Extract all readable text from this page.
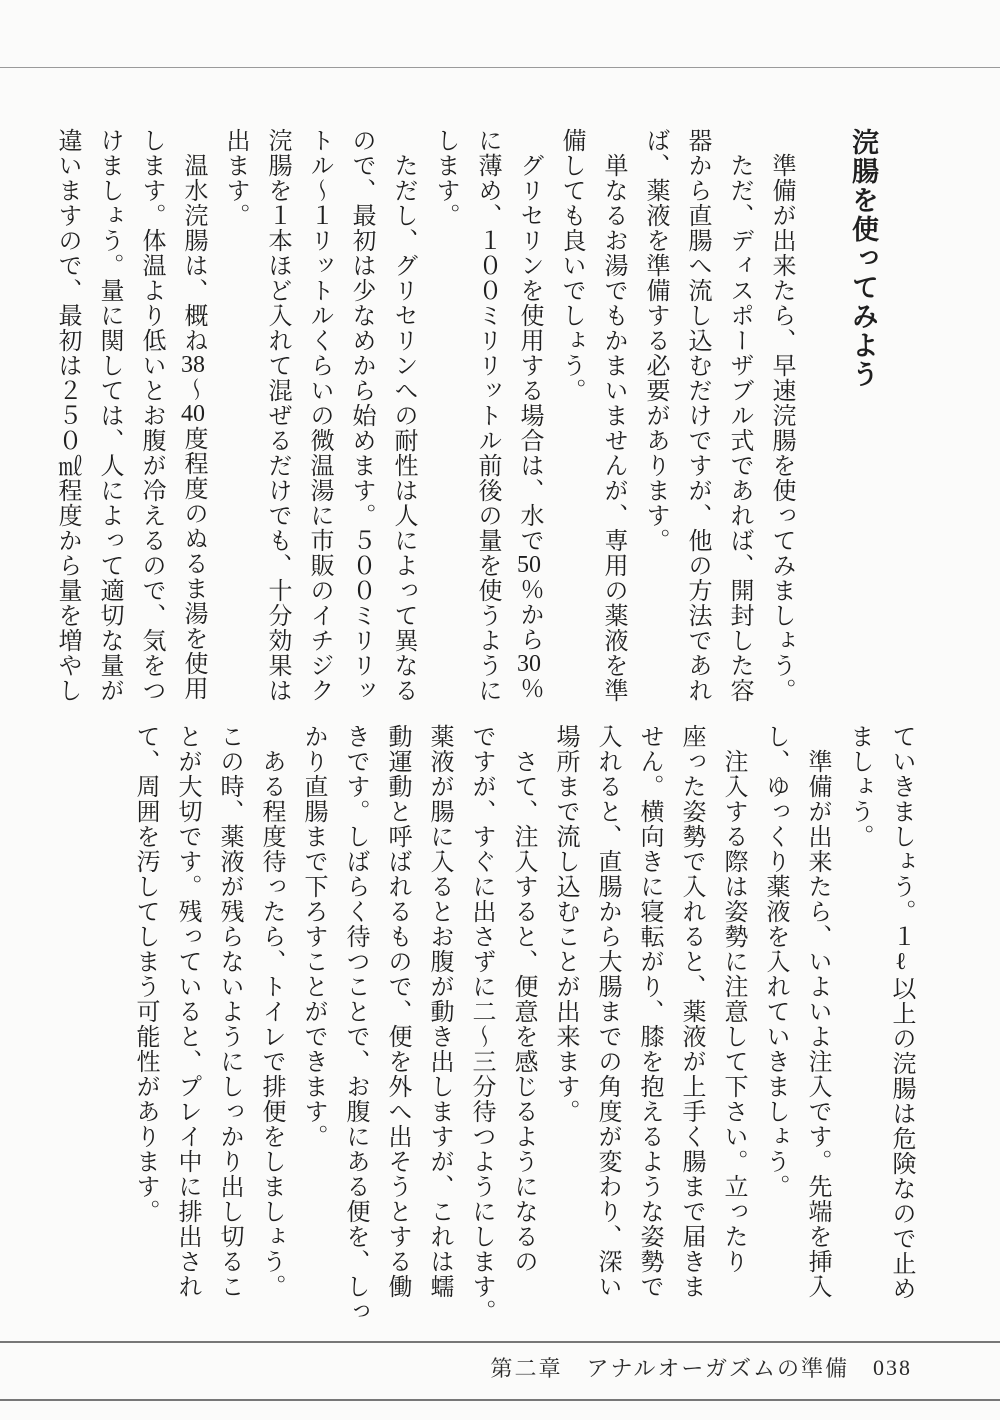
浣腸を使ってみよう
　準備が出来たら、早速浣腸を使ってみましょう。
　ただ、ディスポーザブル式であれば、開封した容
器から直腸へ流し込むだけですが、他の方法であれ
ば、薬液を準備する必要があります。
　単なるお湯でもかまいませんが、専用の薬液を準
備しても良いでしょう。
　グリセリンを使用する場合は、水で50％から30％
に薄め、１００ミリリットル前後の量を使うように
します。
　ただし、グリセリンへの耐性は人によって異なる
ので、最初は少なめから始めます。５００ミリリッ
トル〜１リットルくらいの微温湯に市販のイチジク
浣腸を１本ほど入れて混ぜるだけでも、十分効果は
出ます。
　温水浣腸は、概ね38〜40度程度のぬるま湯を使用
します。体温より低いとお腹が冷えるので、気をつ
けましょう。量に関しては、人によって適切な量が
違いますので、最初は２５０㎖程度から量を増やし
ていきましょう。１ℓ以上の浣腸は危険なので止め
ましょう。
　準備が出来たら、いよいよ注入です。先端を挿入
し、ゆっくり薬液を入れていきましょう。
　注入する際は姿勢に注意して下さい。立ったり
座った姿勢で入れると、薬液が上手く腸まで届きま
せん。横向きに寝転がり、膝を抱えるような姿勢で
入れると、直腸から大腸までの角度が変わり、深い
場所まで流し込むことが出来ます。
　さて、注入すると、便意を感じるようになるの
ですが、すぐに出さずに二〜三分待つようにします。
薬液が腸に入るとお腹が動き出しますが、これは蠕
動運動と呼ばれるもので、便を外へ出そうとする働
きです。しばらく待つことで、お腹にある便を、しっ
かり直腸まで下ろすことができます。
　ある程度待ったら、トイレで排便をしましょう。
この時、薬液が残らないようにしっかり出し切るこ
とが大切です。残っていると、プレイ中に排出され
て、周囲を汚してしまう可能性があります。
第二章 アナルオーガズムの準備 038
